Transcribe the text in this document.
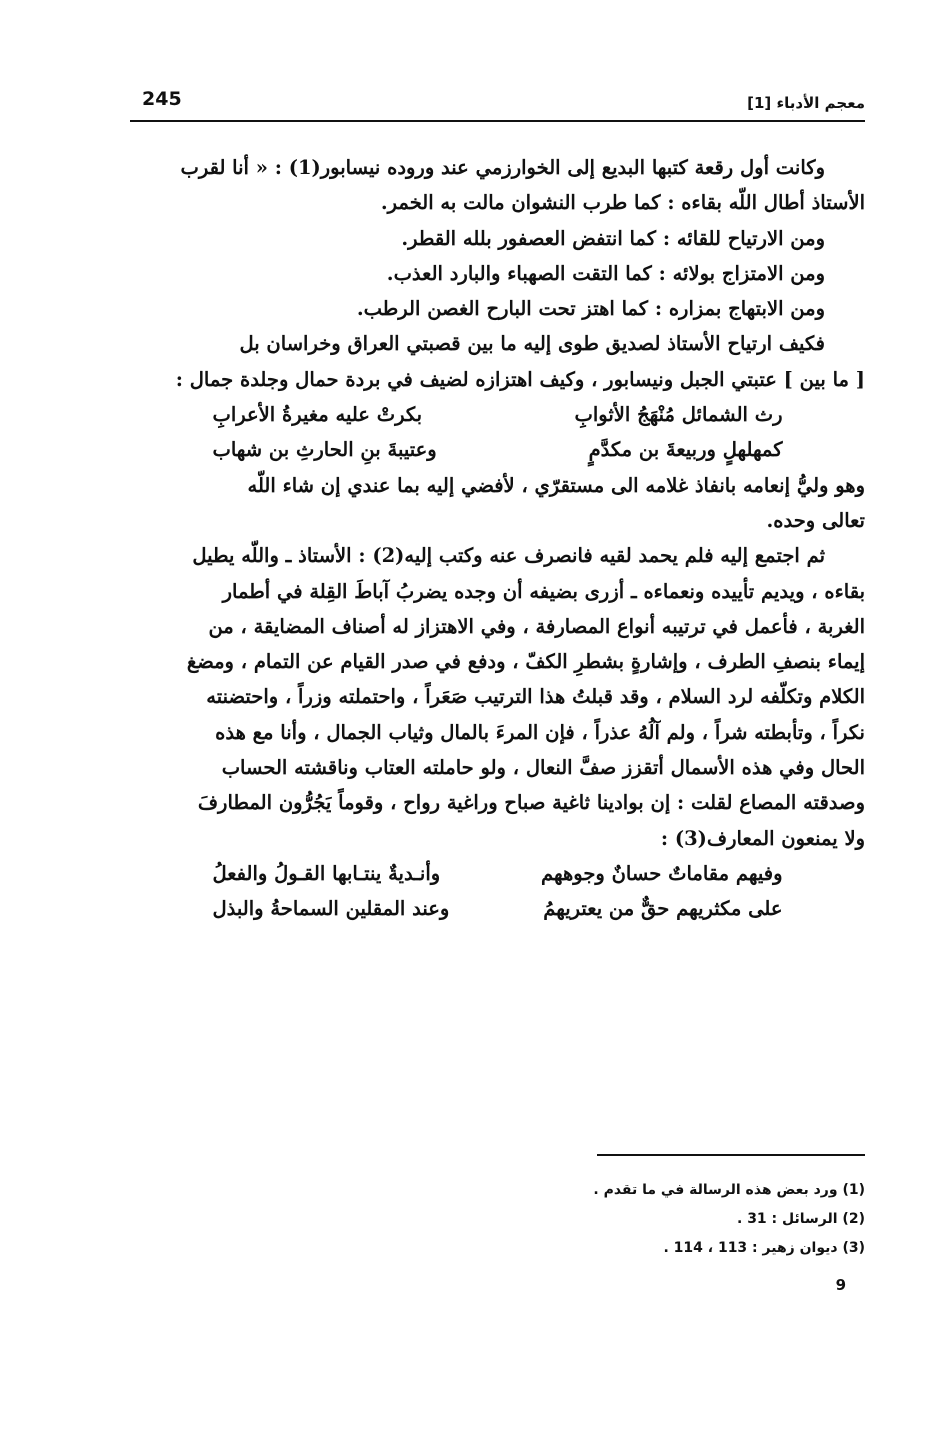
245	معجم الأدباء [1]
وكانت أول رقعة كتبها البديع إلى الخوارزمي عند وروده نيسابور(1) : « أنا لقرب
الأستاذ أطال اللّه بقاءه : كما طرب النشوان مالت به الخمر.
ومن الارتياح للقائه : كما انتفض العصفور بلله القطر.
ومن الامتزاج بولائه : كما التقت الصهباء والبارد العذب.
ومن الابتهاج بمزاره : كما اهتز تحت البارح الغصن الرطب.
فكيف ارتياح الأستاذ لصديق طوى إليه ما بين قصبتي العراق وخراسان بل
[ ما بين ] عتبتي الجبل ونيسابور ، وكيف اهتزازه لضيف في بردة حمال وجلدة جمال :
رث الشمائل مُنْهَجُ الأثوابِ
بكرتْ عليه مغيرةُ الأعرابِ
كمهلهلٍ وربيعةَ بن مكدَّمٍ
وعتيبةَ بنِ الحارثِ بن شهاب
وهو وليُّ إنعامه بانفاذ غلامه الى مستقرّي ، لأفضي إليه بما عندي إن شاء اللّه
تعالى وحده.
ثم اجتمع إليه فلم يحمد لقيه فانصرف عنه وكتب إليه(2) : الأستاذ ـ واللّه يطيل
بقاءه ، ويديم تأييده ونعماءه ـ أزرى بضيفه أن وجده يضربُ آباطَ القِلة في أطمار
الغربة ، فأعمل في ترتيبه أنواع المصارفة ، وفي الاهتزاز له أصناف المضايقة ، من
إيماء بنصفِ الطرف ، وإشارةٍ بشطرِ الكفّ ، ودفع في صدر القيام عن التمام ، ومضغ
الكلام وتكلّفه لرد السلام ، وقد قبلتُ هذا الترتيب صَعَراً ، واحتملته وزراً ، واحتضنته
نكراً ، وتأبطته شراً ، ولم آلُهُ عذراً ، فإن المرءَ بالمال وثياب الجمال ، وأنا مع هذه
الحال وفي هذه الأسمال أتقزز صفَّ النعال ، ولو حاملته العتاب وناقشته الحساب
وصدقته المصاع لقلت : إن بوادينا ثاغية صباح وراغية رواح ، وقوماً يَجُرُّون المطارفَ
ولا يمنعون المعارف(3) :
وفيهم مقاماتٌ حسانٌ وجوههم
وأنـديةٌ ينتـابها القـولُ والفعلُ
على مكثريهم حقٌّ من يعتريهمُ
وعند المقلين السماحةُ والبذل
(1) ورد بعض هذه الرسالة في ما تقدم .
(2) الرسائل : 31 .
(3) ديوان زهير : 113 ، 114 .
9
